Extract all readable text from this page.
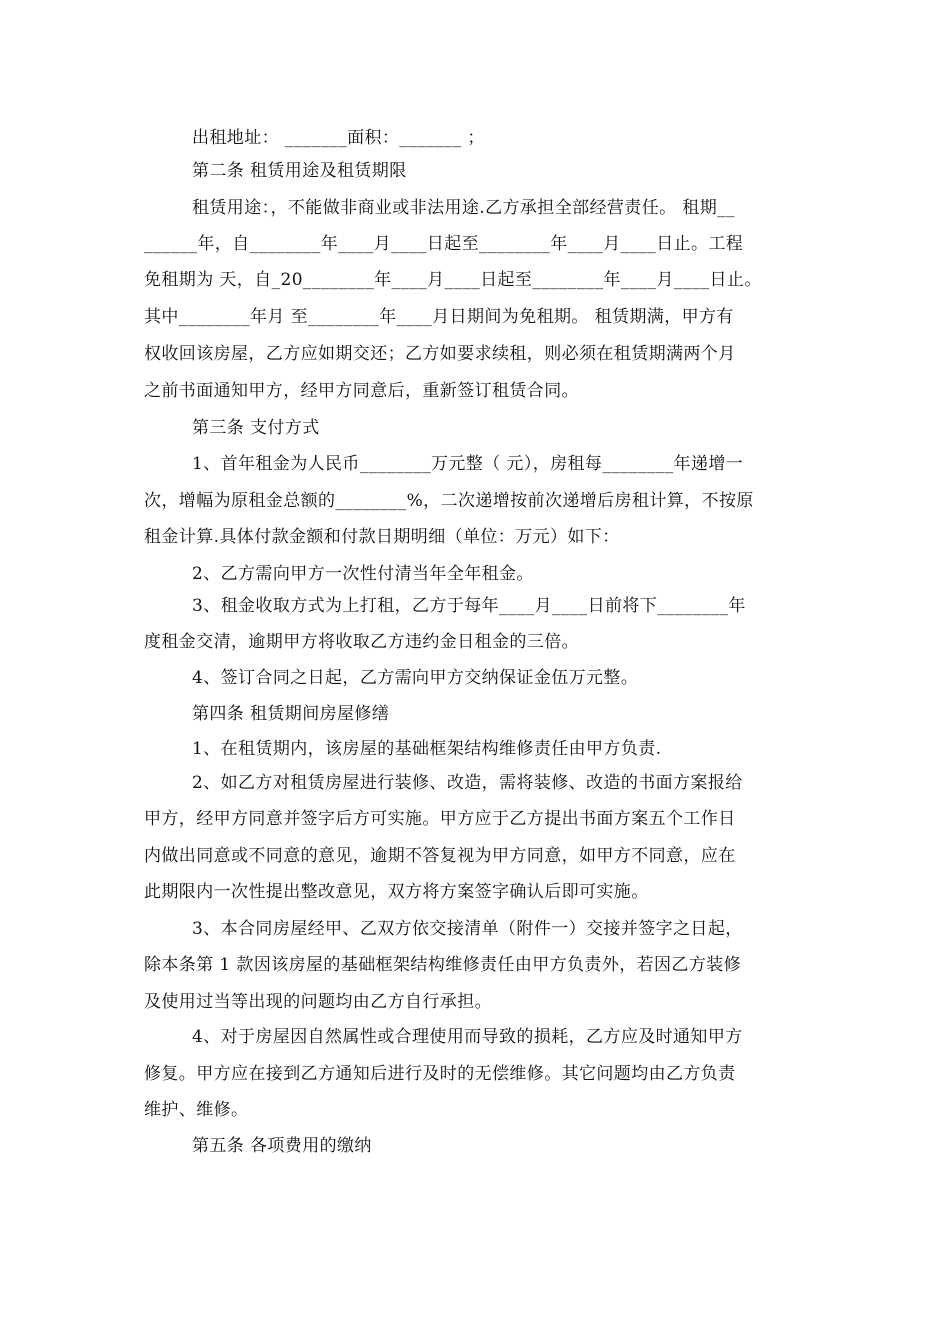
出租地址： _______面积：_______ ；
第二条 租赁用途及租赁期限
租赁用途：，不能做非商业或非法用途.乙方承担全部经营责任。 租期__
______年，自________年____月____日起至________年____月____日止。工程
免租期为 天，自_20________年____月____日起至________年____月____日止。
其中________年月 至________年____月日期间为免租期。 租赁期满，甲方有
权收回该房屋，乙方应如期交还；乙方如要求续租，则必须在租赁期满两个月
之前书面通知甲方，经甲方同意后，重新签订租赁合同。
第三条 支付方式
1、首年租金为人民币________万元整（ 元），房租每________年递增一
次，增幅为原租金总额的________%，二次递增按前次递增后房租计算，不按原
租金计算.具体付款金额和付款日期明细（单位：万元）如下：
2、乙方需向甲方一次性付清当年全年租金。
3、租金收取方式为上打租，乙方于每年____月____日前将下________年
度租金交清，逾期甲方将收取乙方违约金日租金的三倍。
4、签订合同之日起，乙方需向甲方交纳保证金伍万元整。
第四条 租赁期间房屋修缮
1、在租赁期内，该房屋的基础框架结构维修责任由甲方负责.
2、如乙方对租赁房屋进行装修、改造，需将装修、改造的书面方案报给
甲方，经甲方同意并签字后方可实施。甲方应于乙方提出书面方案五个工作日
内做出同意或不同意的意见，逾期不答复视为甲方同意，如甲方不同意，应在
此期限内一次性提出整改意见，双方将方案签字确认后即可实施。
3、本合同房屋经甲、乙双方依交接清单（附件一）交接并签字之日起，
除本条第 1 款因该房屋的基础框架结构维修责任由甲方负责外，若因乙方装修
及使用过当等出现的问题均由乙方自行承担。
4、对于房屋因自然属性或合理使用而导致的损耗，乙方应及时通知甲方
修复。甲方应在接到乙方通知后进行及时的无偿维修。其它问题均由乙方负责
维护、维修。
第五条 各项费用的缴纳
